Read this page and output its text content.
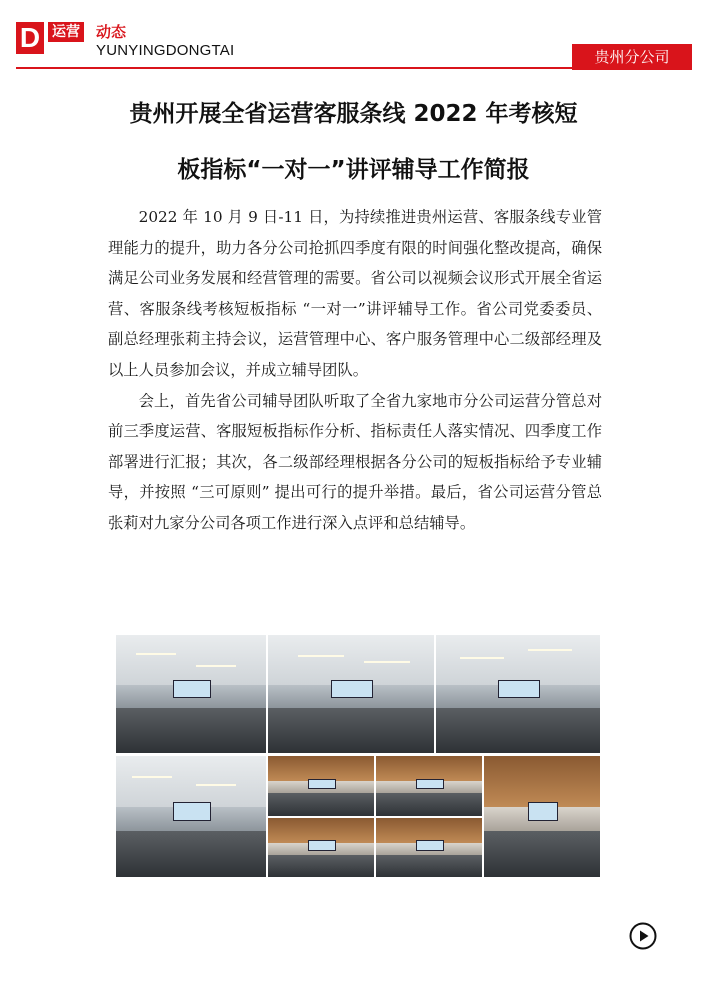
D 运营 动态
YUNYINGDONGTAI	贵州分公司
贵州开展全省运营客服条线 2022 年考核短
板指标“一对一”讲评辅导工作简报

2022 年 10 月 9 日-11 日，为持续推进贵州运营、客服条线专业管理能力的提升，助力各分公司抢抓四季度有限的时间强化整改提高，确保满足公司业务发展和经营管理的需要。省公司以视频会议形式开展全省运营、客服条线考核短板指标 “一对一”讲评辅导工作。省公司党委委员、副总经理张莉主持会议，运营管理中心、客户服务管理中心二级部经理及以上人员参加会议，并成立辅导团队。

会上，首先省公司辅导团队听取了全省九家地市分公司运营分管总对前三季度运营、客服短板指标作分析、指标责任人落实情况、四季度工作部署进行汇报；其次，各二级部经理根据各分公司的短板指标给予专业辅导，并按照 “三可原则” 提出可行的提升举措。最后，省公司运营分管总张莉对九家分公司各项工作进行深入点评和总结辅导。
